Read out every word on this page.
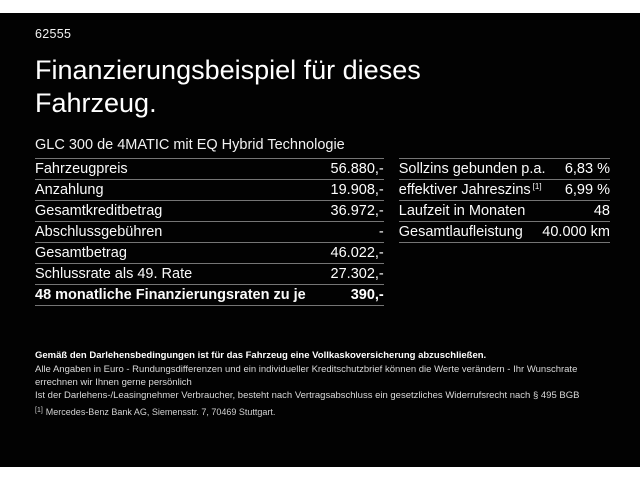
62555
Finanzierungsbeispiel für dieses
Fahrzeug.
GLC 300 de 4MATIC mit EQ Hybrid Technologie
Fahrzeugpreis	56.880,-
Anzahlung	19.908,-
Gesamtkreditbetrag	36.972,-
Abschlussgebühren	-
Gesamtbetrag	46.022,-
Schlussrate als 49. Rate	27.302,-
48 monatliche Finanzierungsraten zu je	390,-
Sollzins gebunden p.a. 6,83 %
effektiver Jahreszins [1] 6,99 %
Laufzeit in Monaten	48
Gesamtlaufleistung 40.000 km
Gemäß den Darlehensbedingungen ist für das Fahrzeug eine Vollkaskoversicherung abzuschließen.
Alle Angaben in Euro - Rundungsdifferenzen und ein individueller Kreditschutzbrief können die Werte verändern - Ihr Wunschrate errechnen wir Ihnen gerne persönlich
Ist der Darlehens-/Leasingnehmer Verbraucher, besteht nach Vertragsabschluss ein gesetzliches Widerrufsrecht nach § 495 BGB
[1] Mercedes-Benz Bank AG, Siemensstr. 7, 70469 Stuttgart.
